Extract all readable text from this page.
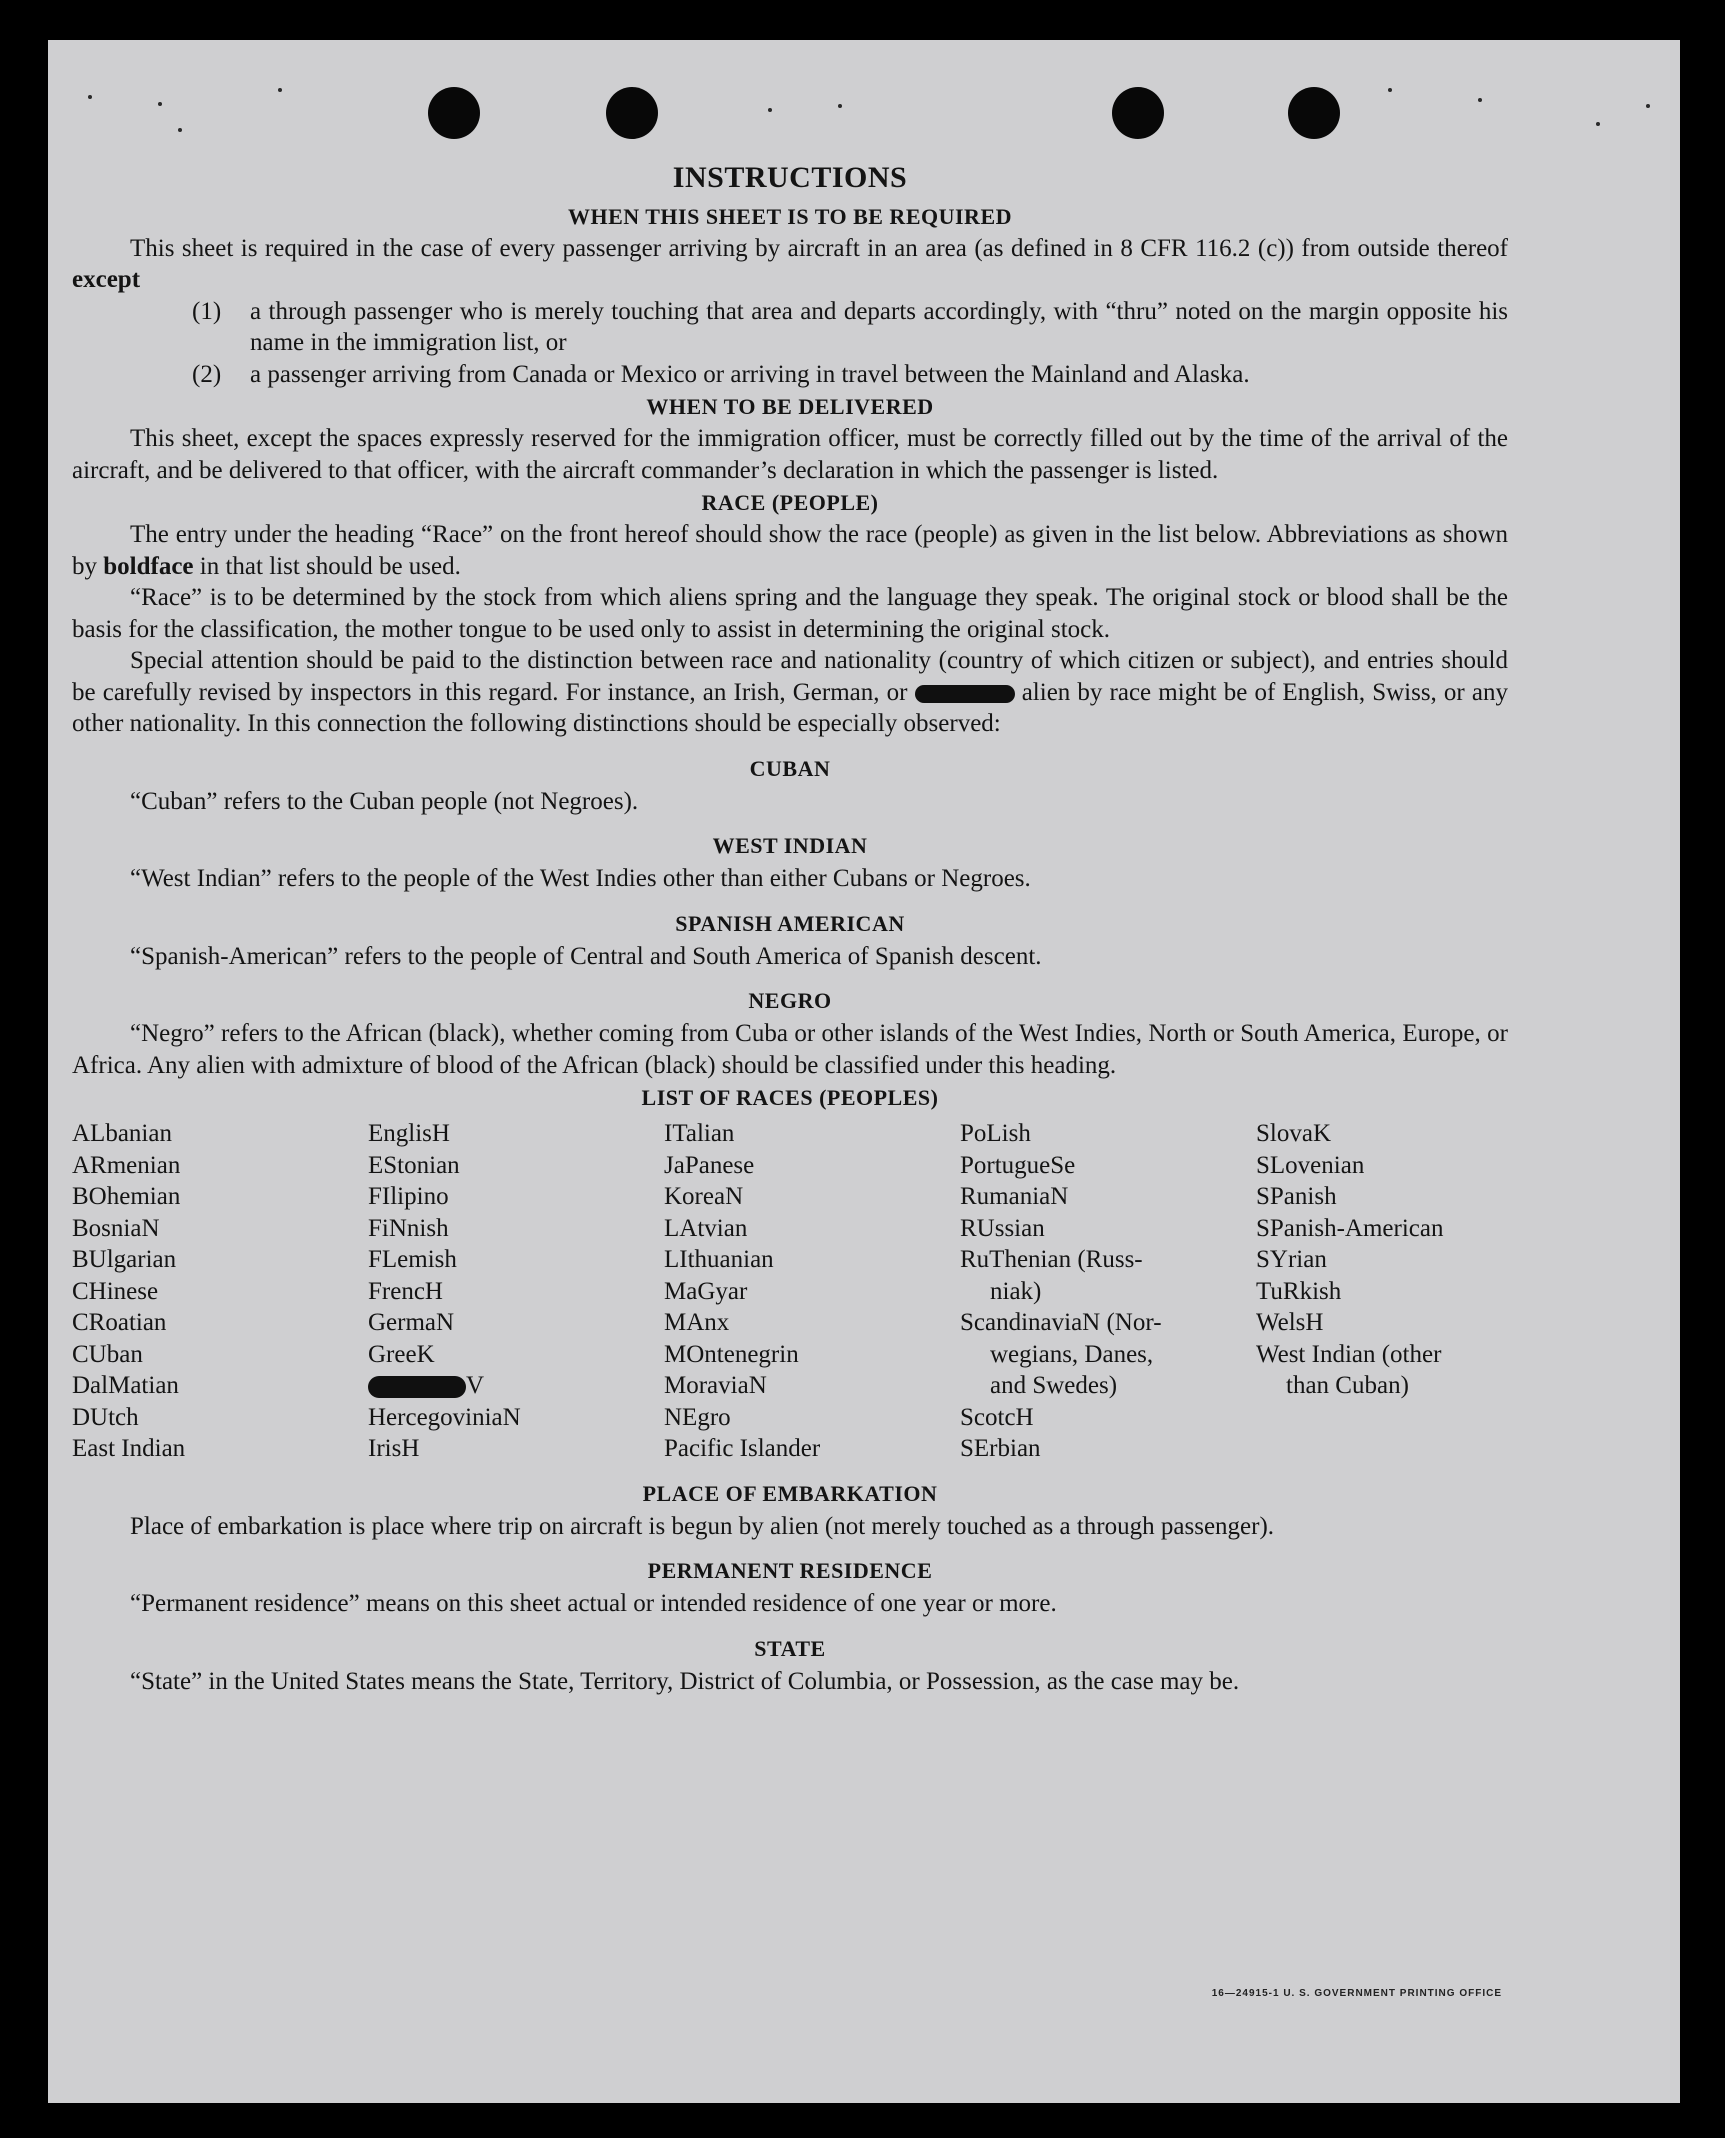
INSTRUCTIONS
WHEN THIS SHEET IS TO BE REQUIRED

This sheet is required in the case of every passenger arriving by aircraft in an area (as defined in 8 CFR 116.2 (c)) from outside thereof except

(1)	a through passenger who is merely touching that area and departs accordingly, with “thru” noted on the margin opposite his name in the immigration list, or
(2)	a passenger arriving from Canada or Mexico or arriving in travel between the Mainland and Alaska.
WHEN TO BE DELIVERED

This sheet, except the spaces expressly reserved for the immigration officer, must be correctly filled out by the time of the arrival of the aircraft, and be delivered to that officer, with the aircraft commander’s declaration in which the passenger is listed.

RACE (PEOPLE)

The entry under the heading “Race” on the front hereof should show the race (people) as given in the list below. Abbreviations as shown by boldface in that list should be used.

“Race” is to be determined by the stock from which aliens spring and the language they speak. The original stock or blood shall be the basis for the classification, the mother tongue to be used only to assist in determining the original stock.

Special attention should be paid to the distinction between race and nationality (country of which citizen or subject), and entries should be carefully revised by inspectors in this regard. For instance, an Irish, German, or	alien by race might be of English, Swiss, or any other nationality. In this connection the following distinctions should be especially observed:

CUBAN

“Cuban” refers to the Cuban people (not Negroes).

WEST INDIAN

“West Indian” refers to the people of the West Indies other than either Cubans or Negroes.

SPANISH AMERICAN

“Spanish-American” refers to the people of Central and South America of Spanish descent.

NEGRO

“Negro” refers to the African (black), whether coming from Cuba or other islands of the West Indies, North or South America, Europe, or Africa. Any alien with admixture of blood of the African (black) should be classified under this heading.

LIST OF RACES (PEOPLES)
ALbanian
ARmenian
BOhemian
BosniaN
BUlgarian
CHinese
CRoatian
CUban
DalMatian
DUtch
East Indian
EnglisH
EStonian
FIlipino
FiNnish
FLemish
FrencH
GermaN
GreeK
V
HercegoviniaN
IrisH
ITalian
JaPanese
KoreaN
LAtvian
LIthuanian
MaGyar
MAnx
MOntenegrin
MoraviaN
NEgro
Pacific Islander
PoLish
PortugueSe
RumaniaN
RUssian
RuThenian (Russ-
niak)
ScandinaviaN (Nor-
wegians, Danes,
and Swedes)
ScotcH
SErbian
SlovaK
SLovenian
SPanish
SPanish-American
SYrian
TuRkish
WelsH
West Indian (other
than Cuban)
PLACE OF EMBARKATION

Place of embarkation is place where trip on aircraft is begun by alien (not merely touched as a through passenger).

PERMANENT RESIDENCE

“Permanent residence” means on this sheet actual or intended residence of one year or more.

STATE

“State” in the United States means the State, Territory, District of Columbia, or Possession, as the case may be.

16—24915-1 U. S. GOVERNMENT PRINTING OFFICE
